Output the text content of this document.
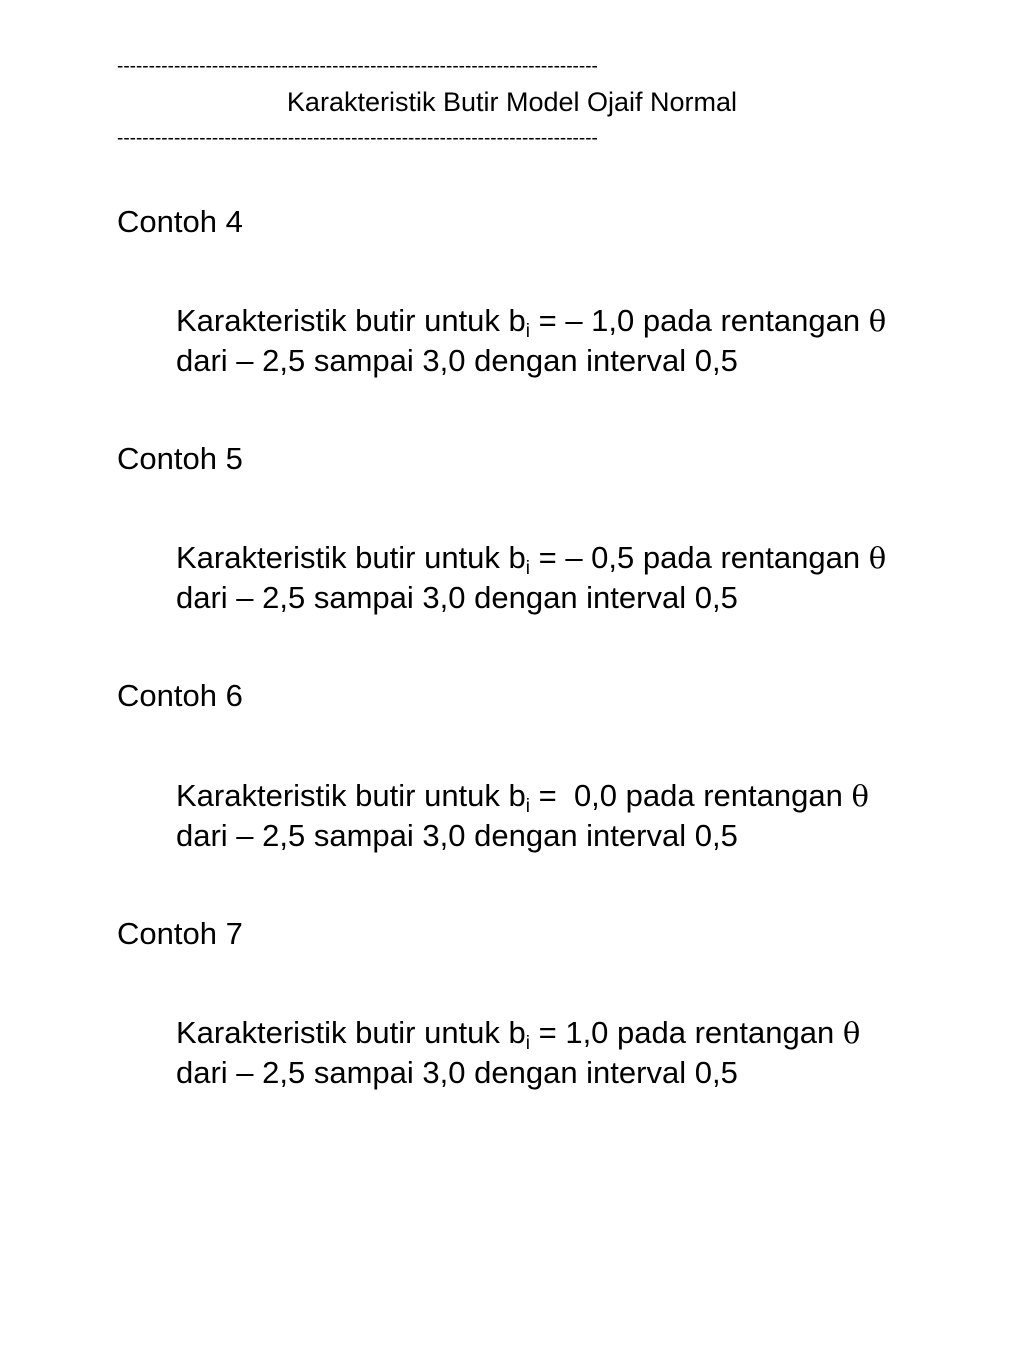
----------------------------------------------------------------------------
Karakteristik Butir Model Ojaif Normal
----------------------------------------------------------------------------
Contoh 4
Karakteristik butir untuk $b_i$ = – 1,0 pada rentangan θ
dari – 2,5 sampai 3,0 dengan interval 0,5
Contoh 5
Karakteristik butir untuk $b_i$ = – 0,5 pada rentangan θ
dari – 2,5 sampai 3,0 dengan interval 0,5
Contoh 6
Karakteristik butir untuk $b_i = 0,0$ pada rentangan θ
dari – 2,5 sampai 3,0 dengan interval 0,5
Contoh 7
Karakteristik butir untuk $b_i = 1,0$ pada rentangan θ
dari – 2,5 sampai 3,0 dengan interval 0,5
